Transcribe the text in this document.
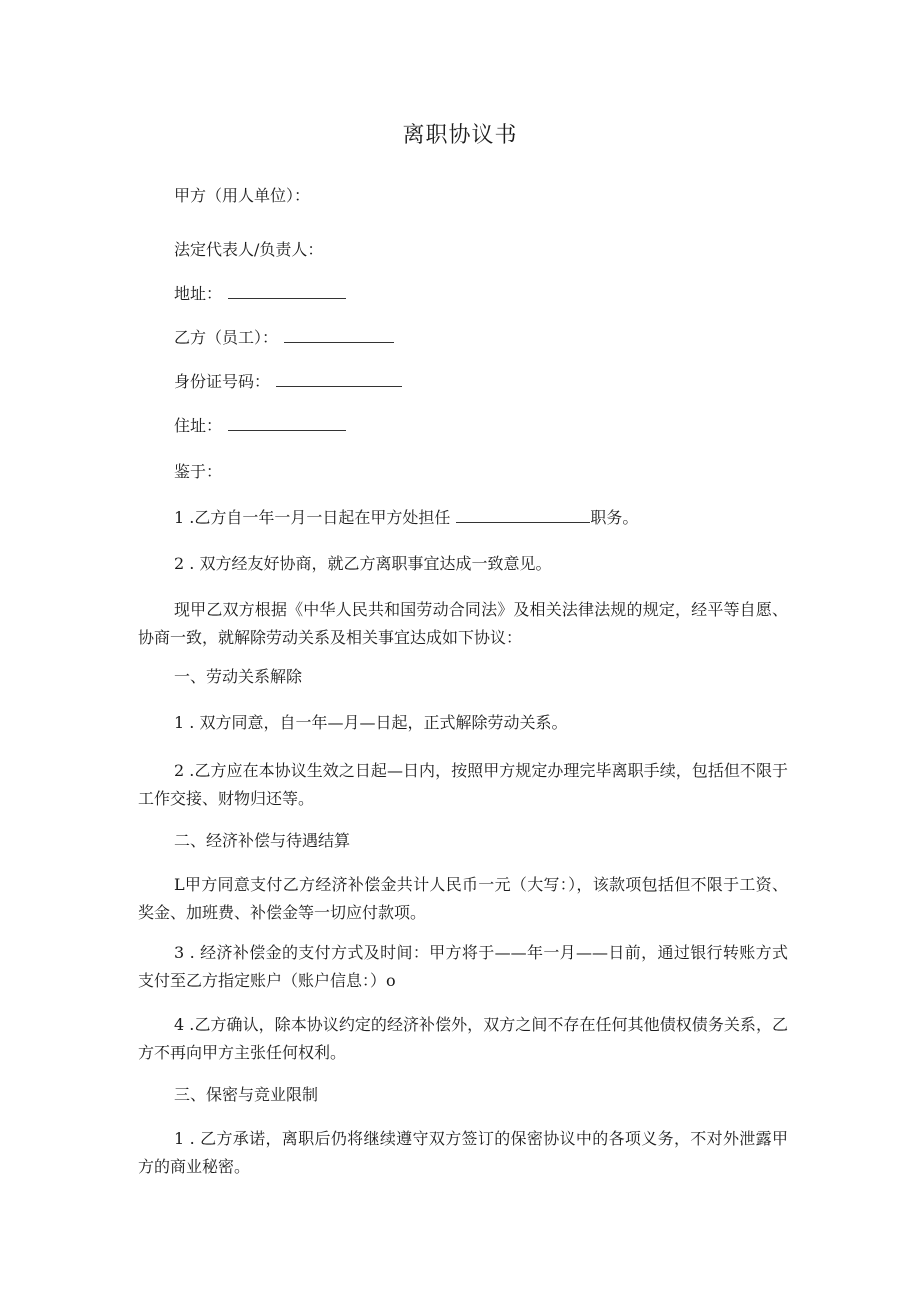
离职协议书
甲方（用人单位）：
法定代表人/负责人：
地址：
乙方（员工）：
身份证号码：
住址：
鉴于：
1 .乙方自一年一月一日起在甲方处担任	职务。
2 . 双方经友好协商，就乙方离职事宜达成一致意见。
现甲乙双方根据《中华人民共和国劳动合同法》及相关法律法规的规定，经平等自愿、协商一致，就解除劳动关系及相关事宜达成如下协议：
一、劳动关系解除
1 . 双方同意，自一年—月—日起，正式解除劳动关系。
2 .乙方应在本协议生效之日起—日内，按照甲方规定办理完毕离职手续，包括但不限于工作交接、财物归还等。
二、经济补偿与待遇结算
L甲方同意支付乙方经济补偿金共计人民币一元（大写：），该款项包括但不限于工资、奖金、加班费、补偿金等一切应付款项。
3 . 经济补偿金的支付方式及时间：甲方将于——年一月——日前，通过银行转账方式支付至乙方指定账户（账户信息：）o
4 .乙方确认，除本协议约定的经济补偿外，双方之间不存在任何其他债权债务关系，乙方不再向甲方主张任何权利。
三、保密与竞业限制
1 . 乙方承诺，离职后仍将继续遵守双方签订的保密协议中的各项义务，不对外泄露甲方的商业秘密。
